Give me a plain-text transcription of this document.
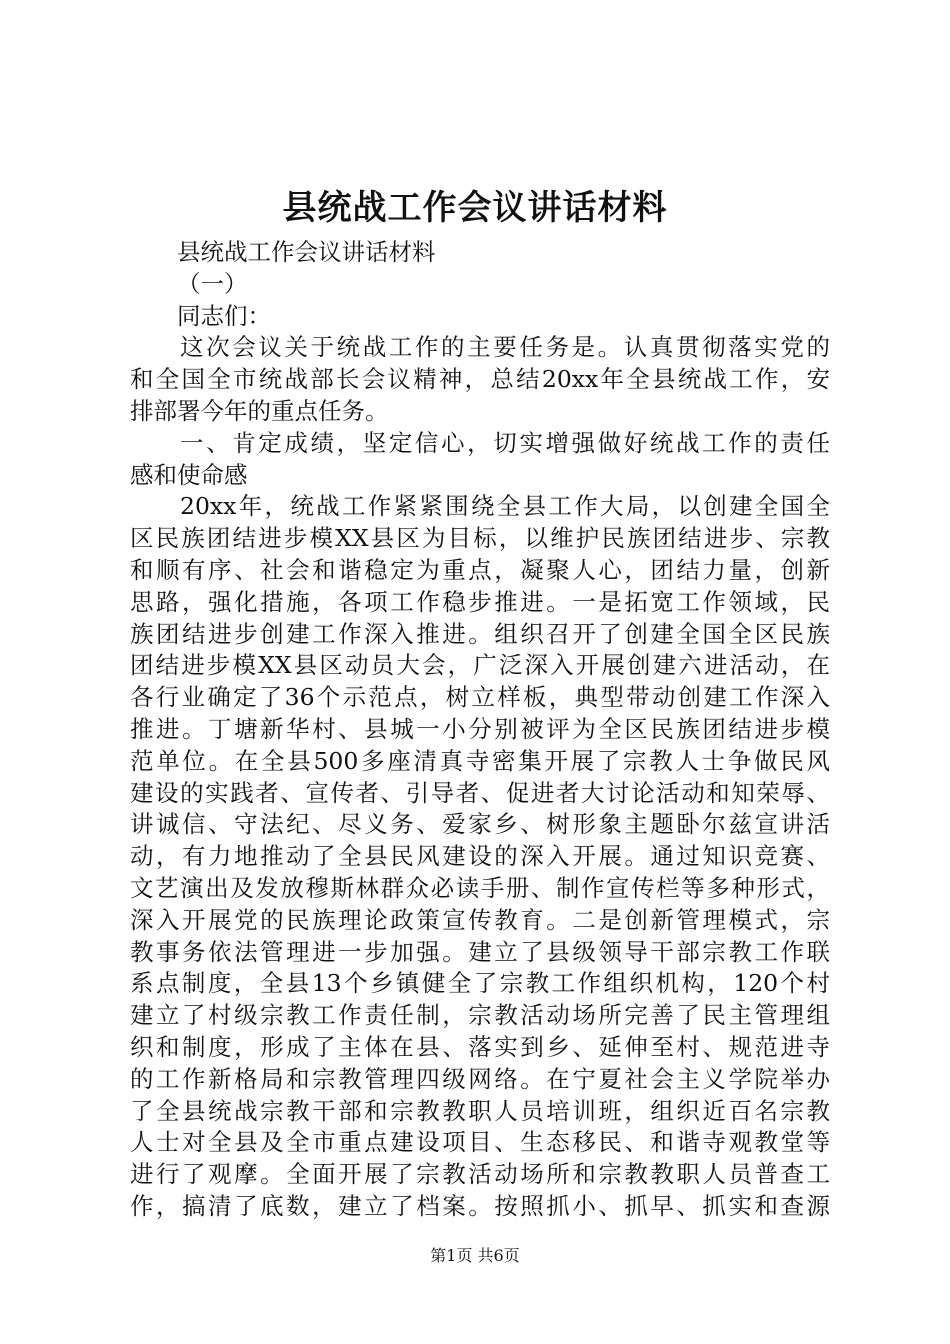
县统战工作会议讲话材料
县统战工作会议讲话材料
（一）
同志们：
这次会议关于统战工作的主要任务是。认真贯彻落实党的
和全国全市统战部长会议精神，总结20xx年全县统战工作，安
排部署今年的重点任务。
一、肯定成绩，坚定信心，切实增强做好统战工作的责任
感和使命感
20xx年，统战工作紧紧围绕全县工作大局，以创建全国全
区民族团结进步模XX县区为目标，以维护民族团结进步、宗教
和顺有序、社会和谐稳定为重点，凝聚人心，团结力量，创新
思路，强化措施，各项工作稳步推进。一是拓宽工作领域，民
族团结进步创建工作深入推进。组织召开了创建全国全区民族
团结进步模XX县区动员大会，广泛深入开展创建六进活动，在
各行业确定了36个示范点，树立样板，典型带动创建工作深入
推进。丁塘新华村、县城一小分别被评为全区民族团结进步模
范单位。在全县500多座清真寺密集开展了宗教人士争做民风
建设的实践者、宣传者、引导者、促进者大讨论活动和知荣辱、
讲诚信、守法纪、尽义务、爱家乡、树形象主题卧尔兹宣讲活
动，有力地推动了全县民风建设的深入开展。通过知识竞赛、
文艺演出及发放穆斯林群众必读手册、制作宣传栏等多种形式，
深入开展党的民族理论政策宣传教育。二是创新管理模式，宗
教事务依法管理进一步加强。建立了县级领导干部宗教工作联
系点制度，全县13个乡镇健全了宗教工作组织机构，120个村
建立了村级宗教工作责任制，宗教活动场所完善了民主管理组
织和制度，形成了主体在县、落实到乡、延伸至村、规范进寺
的工作新格局和宗教管理四级网络。在宁夏社会主义学院举办
了全县统战宗教干部和宗教教职人员培训班，组织近百名宗教
人士对全县及全市重点建设项目、生态移民、和谐寺观教堂等
进行了观摩。全面开展了宗教活动场所和宗教教职人员普查工
作，搞清了底数，建立了档案。按照抓小、抓早、抓实和查源
第1页 共6页
